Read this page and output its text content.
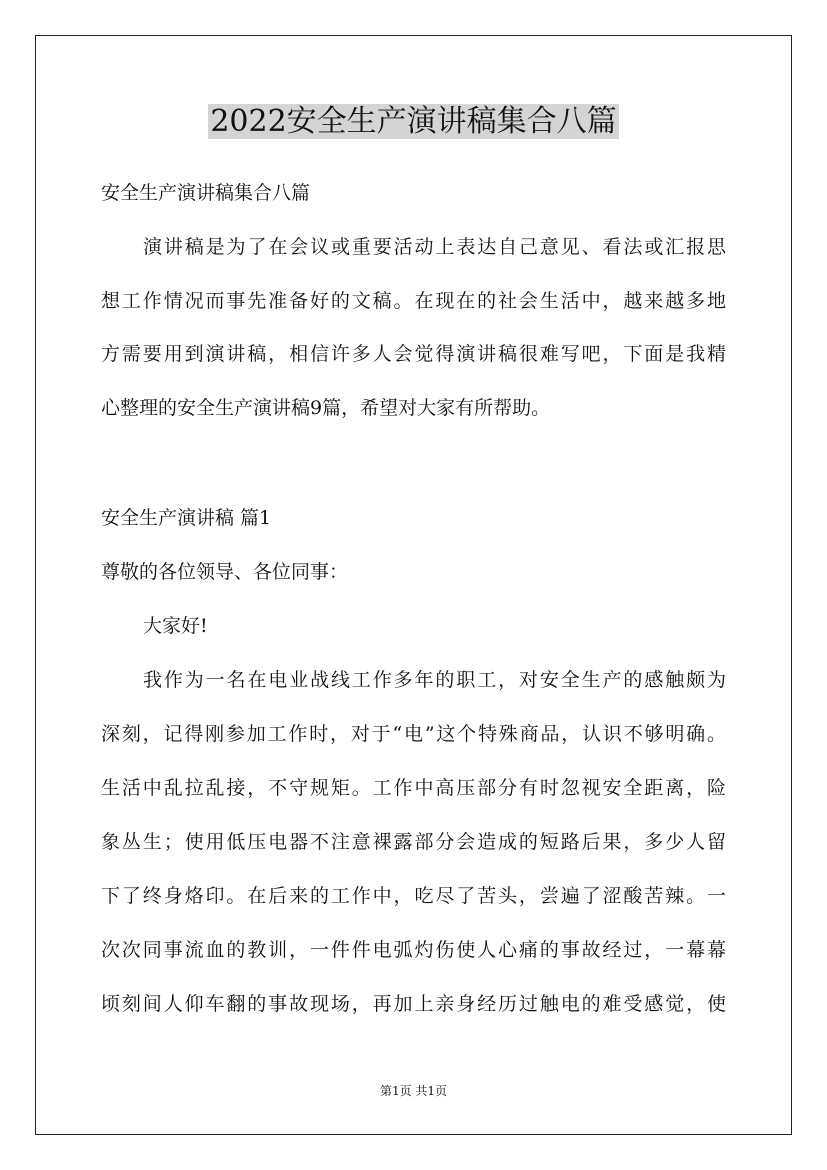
2022安全生产演讲稿集合八篇
安全生产演讲稿集合八篇
演讲稿是为了在会议或重要活动上表达自己意见、看法或汇报思
想工作情况而事先准备好的文稿。在现在的社会生活中，越来越多地
方需要用到演讲稿，相信许多人会觉得演讲稿很难写吧，下面是我精
心整理的安全生产演讲稿9篇，希望对大家有所帮助。
安全生产演讲稿 篇1
尊敬的各位领导、各位同事：
大家好!
我作为一名在电业战线工作多年的职工，对安全生产的感触颇为
深刻，记得刚参加工作时，对于“电”这个特殊商品，认识不够明确。
生活中乱拉乱接，不守规矩。工作中高压部分有时忽视安全距离，险
象丛生；使用低压电器不注意裸露部分会造成的短路后果，多少人留
下了终身烙印。在后来的工作中，吃尽了苦头，尝遍了涩酸苦辣。一
次次同事流血的教训，一件件电弧灼伤使人心痛的事故经过，一幕幕
顷刻间人仰车翻的事故现场，再加上亲身经历过触电的难受感觉，使
第1页 共1页
